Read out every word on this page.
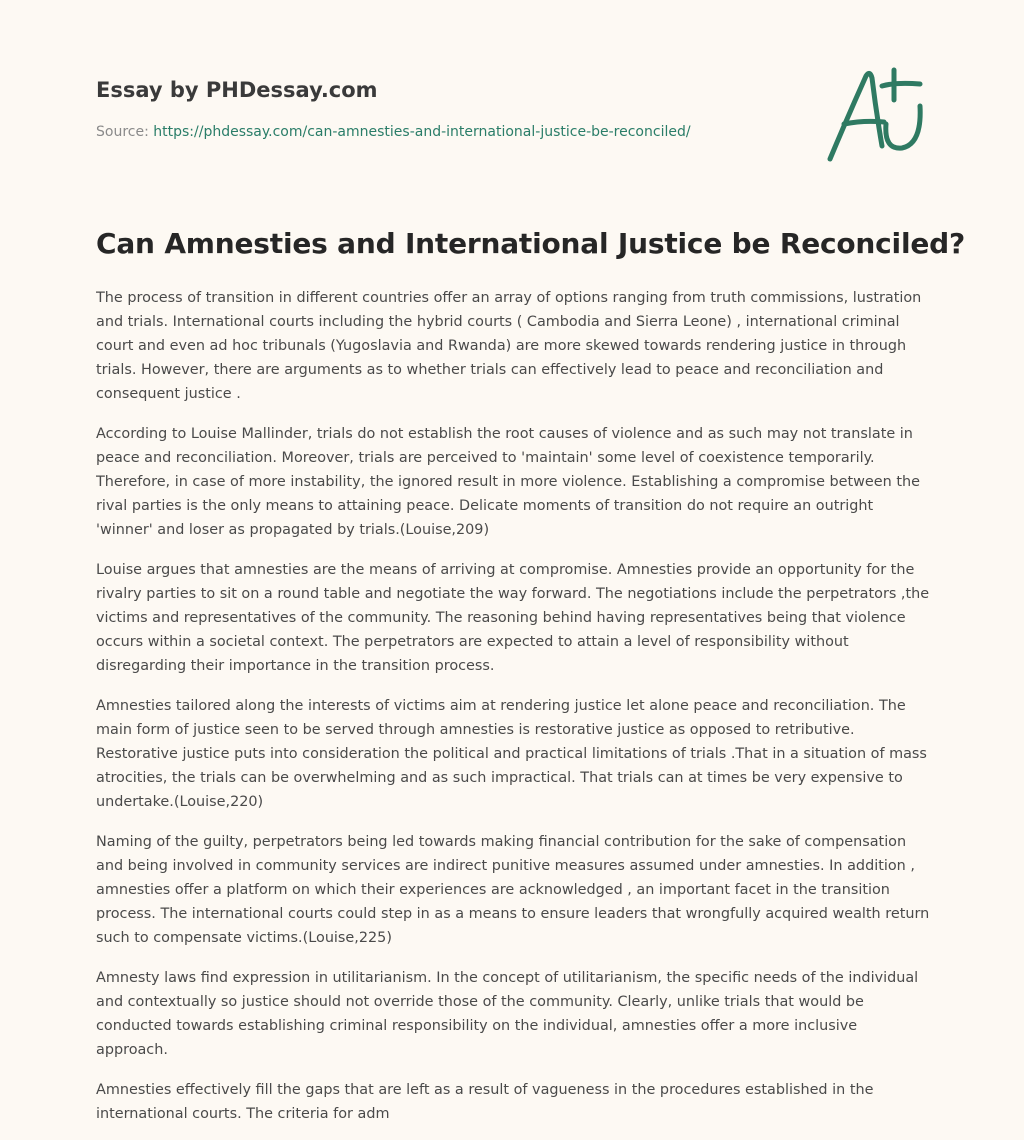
Essay by PHDessay.com
Source: https://phdessay.com/can-amnesties-and-international-justice-be-reconciled/
Can Amnesties and International Justice be Reconciled?

The process of transition in different countries offer an array of options ranging from truth commissions, lustration and trials. International courts including the hybrid courts ( Cambodia and Sierra Leone) , international criminal court and even ad hoc tribunals (Yugoslavia and Rwanda) are more skewed towards rendering justice in through trials. However, there are arguments as to whether trials can effectively lead to peace and reconciliation and consequent justice .

According to Louise Mallinder, trials do not establish the root causes of violence and as such may not translate in peace and reconciliation. Moreover, trials are perceived to 'maintain' some level of coexistence temporarily. Therefore, in case of more instability, the ignored result in more violence. Establishing a compromise between the rival parties is the only means to attaining peace. Delicate moments of transition do not require an outright 'winner' and loser as propagated by trials.(Louise,209)

Louise argues that amnesties are the means of arriving at compromise. Amnesties provide an opportunity for the rivalry parties to sit on a round table and negotiate the way forward. The negotiations include the perpetrators ,the victims and representatives of the community. The reasoning behind having representatives being that violence occurs within a societal context. The perpetrators are expected to attain a level of responsibility without disregarding their importance in the transition process.

Amnesties tailored along the interests of victims aim at rendering justice let alone peace and reconciliation. The main form of justice seen to be served through amnesties is restorative justice as opposed to retributive. Restorative justice puts into consideration the political and practical limitations of trials .That in a situation of mass atrocities, the trials can be overwhelming and as such impractical. That trials can at times be very expensive to undertake.(Louise,220)

Naming of the guilty, perpetrators being led towards making financial contribution for the sake of compensation and being involved in community services are indirect punitive measures assumed under amnesties. In addition , amnesties offer a platform on which their experiences are acknowledged , an important facet in the transition process. The international courts could step in as a means to ensure leaders that wrongfully acquired wealth return such to compensate victims.(Louise,225)

Amnesty laws find expression in utilitarianism. In the concept of utilitarianism, the specific needs of the individual and contextually so justice should not override those of the community. Clearly, unlike trials that would be conducted towards establishing criminal responsibility on the individual, amnesties offer a more inclusive approach.

Amnesties effectively fill the gaps that are left as a result of vagueness in the procedures established in the international courts. The criteria for adm
